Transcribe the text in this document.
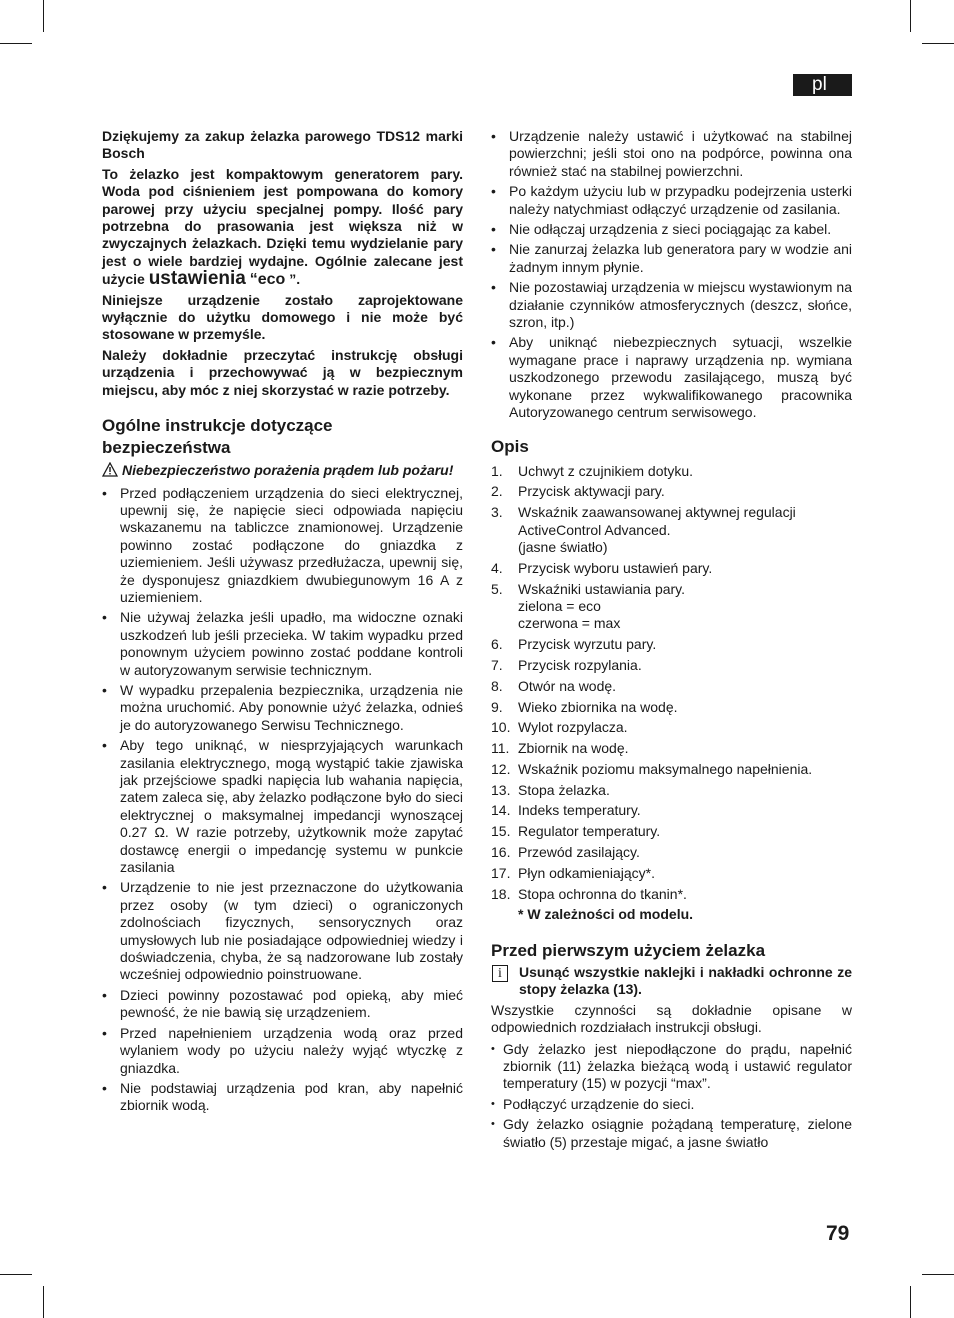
pl

Dziękujemy za zakup żelazka parowego TDS12 marki Bosch

To żelazko jest kompaktowym generatorem pary. Woda pod ciśnieniem jest pompowana do komory parowej przy użyciu specjalnej pompy. Ilość pary potrzebna do prasowania jest większa niż w zwyczajnych żelazkach. Dzięki temu wydzielanie pary jest o wiele bardziej wydajne. Ogólnie zalecane jest użycie ustawienia “eco ”.

Niniejsze urządzenie zostało zaprojektowane wyłącznie do użytku domowego i nie może być stosowane w przemyśle.

Należy dokładnie przeczytać instrukcję obsługi urządzenia i przechowywać ją w bezpiecznym miejscu, aby móc z niej skorzystać w razie potrzeby.

Ogólne instrukcje dotyczące bezpieczeństwa
Niebezpieczeństwo porażenia prądem lub pożaru!
• Przed podłączeniem urządzenia do sieci elektrycznej, upewnij się, że napięcie sieci odpowiada napięciu wskazanemu na tabliczce znamionowej. Urządzenie powinno zostać podłączone do gniazdka z uziemieniem. Jeśli używasz przedłużacza, upewnij się, że dysponujesz gniazdkiem dwubiegunowym 16 A z uziemieniem.
• Nie używaj żelazka jeśli upadło, ma widoczne oznaki uszkodzeń lub jeśli przecieka. W takim wypadku przed ponownym użyciem powinno zostać poddane kontroli w autoryzowanym serwisie technicznym.
• W wypadku przepalenia bezpiecznika, urządzenia nie można uruchomić. Aby ponownie użyć żelazka, odnieś je do autoryzowanego Serwisu Technicznego.
• Aby tego uniknąć, w niesprzyjających warunkach zasilania elektrycznego, mogą wystąpić takie zjawiska jak przejściowe spadki napięcia lub wahania napięcia, zatem zaleca się, aby żelazko podłączone było do sieci elektrycznej o maksymalnej impedancji wynoszącej 0.27 Ω. W razie potrzeby, użytkownik może zapytać dostawcę energii o impedancję systemu w punkcie zasilania
• Urządzenie to nie jest przeznaczone do użytkowania przez osoby (w tym dzieci) o ograniczonych zdolnościach fizycznych, sensorycznych oraz umysłowych lub nie posiadające odpowiedniej wiedzy i doświadczenia, chyba, że są nadzorowane lub zostały wcześniej odpowiednio poinstruowane.
• Dzieci powinny pozostawać pod opieką, aby mieć pewność, że nie bawią się urządzeniem.
• Przed napełnieniem urządzenia wodą oraz przed wylaniem wody po użyciu należy wyjąć wtyczkę z gniazdka.
• Nie podstawiaj urządzenia pod kran, aby napełnić zbiornik wodą.
• Urządzenie należy ustawić i użytkować na stabilnej powierzchni; jeśli stoi ono na podpórce, powinna ona również stać na stabilnej powierzchni.
• Po każdym użyciu lub w przypadku podejrzenia usterki należy natychmiast odłączyć urządzenie od zasilania.
• Nie odłączaj urządzenia z sieci pociągając za kabel.
• Nie zanurzaj żelazka lub generatora pary w wodzie ani żadnym innym płynie.
• Nie pozostawiaj urządzenia w miejscu wystawionym na działanie czynników atmosferycznych (deszcz, słońce, szron, itp.)
• Aby uniknąć niebezpiecznych sytuacji, wszelkie wymagane prace i naprawy urządzenia np. wymiana uszkodzonego przewodu zasilającego, muszą być wykonane przez wykwalifikowanego pracownika Autoryzowanego centrum serwisowego.
Opis
1.	Uchwyt z czujnikiem dotyku.
2.	Przycisk aktywacji pary.
3.	Wskaźnik zaawansowanej aktywnej regulacji
ActiveControl Advanced.
(jasne światło)
4.	Przycisk wyboru ustawień pary.
5.	Wskaźniki ustawiania pary.
zielona = eco
czerwona = max
6.	Przycisk wyrzutu pary.
7.	Przycisk rozpylania.
8.	Otwór na wodę.
9.	Wieko zbiornika na wodę.
10. Wylot rozpylacza.
11. Zbiornik na wodę.
12. Wskaźnik poziomu maksymalnego napełnienia.
13. Stopa żelazka.
14. Indeks temperatury.
15. Regulator temperatury.
16. Przewód zasilający.
17. Płyn odkamieniający*.
18. Stopa ochronna do tkanin*.

* W zależności od modelu.

Przed pierwszym użyciem żelazka
i	Usunąć wszystkie naklejki i nakładki ochronne ze stopy żelazka (13).

Wszystkie czynności są dokładnie opisane w odpowiednich rozdziałach instrukcji obsługi.

• Gdy żelazko jest niepodłączone do prądu, napełnić zbiornik (11) żelazka bieżącą wodą i ustawić regulator temperatury (15) w pozycji “max”.
• Podłączyć urządzenie do sieci.
• Gdy żelazko osiągnie pożądaną temperaturę, zielone światło (5) przestaje migać, a jasne światło
79
